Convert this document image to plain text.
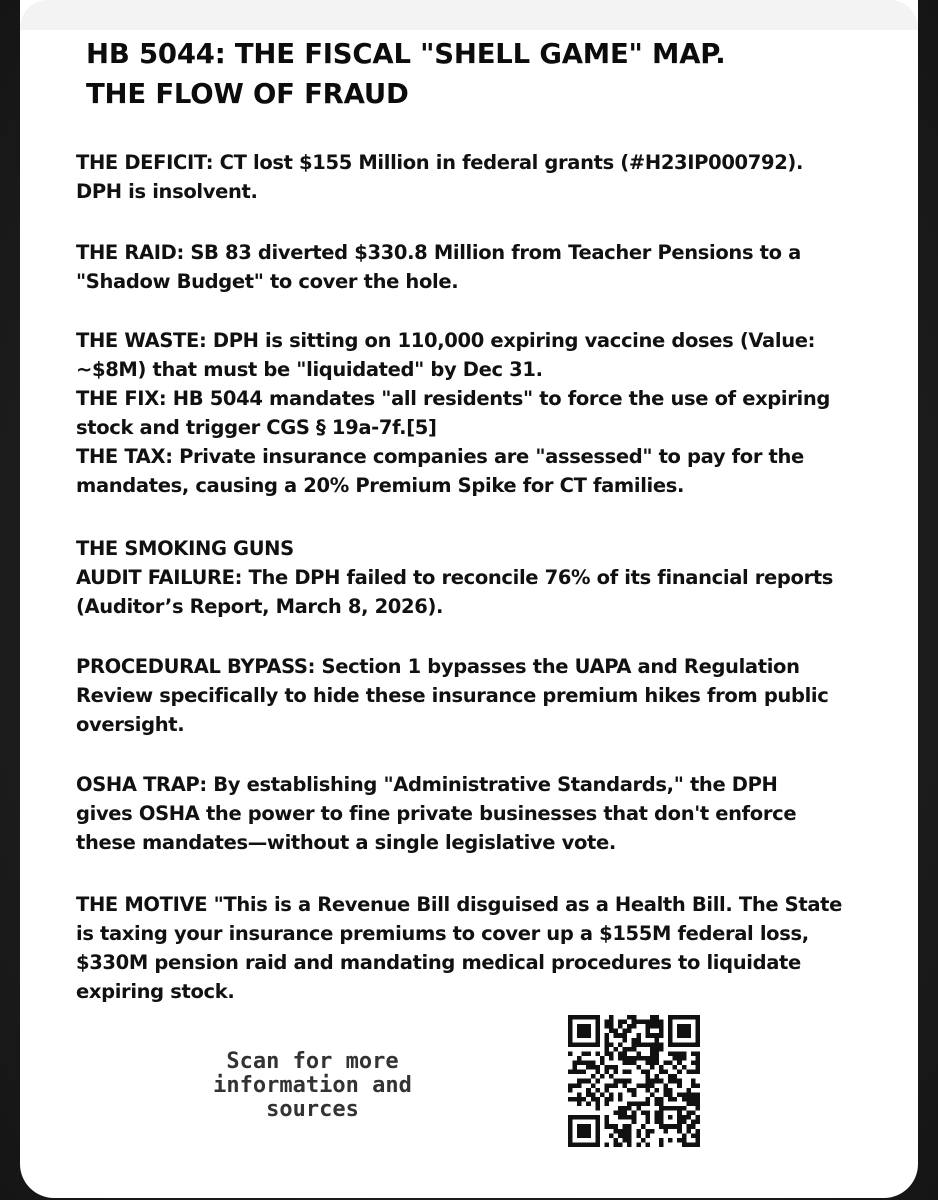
HB 5044: THE FISCAL "SHELL GAME" MAP.
THE FLOW OF FRAUD

THE DEFICIT: CT lost $155 Million in federal grants (#H23IP000792).
DPH is insolvent.

THE RAID: SB 83 diverted $330.8 Million from Teacher Pensions to a
"Shadow Budget" to cover the hole.

THE WASTE: DPH is sitting on 110,000 expiring vaccine doses (Value:
~$8M) that must be "liquidated" by Dec 31.
THE FIX: HB 5044 mandates "all residents" to force the use of expiring
stock and trigger CGS § 19a-7f.[5]
THE TAX: Private insurance companies are "assessed" to pay for the
mandates, causing a 20% Premium Spike for CT families.

THE SMOKING GUNS
AUDIT FAILURE: The DPH failed to reconcile 76% of its financial reports
(Auditor’s Report, March 8, 2026).

PROCEDURAL BYPASS: Section 1 bypasses the UAPA and Regulation
Review specifically to hide these insurance premium hikes from public
oversight.

OSHA TRAP: By establishing "Administrative Standards," the DPH
gives OSHA the power to fine private businesses that don't enforce
these mandates—without a single legislative vote.

THE MOTIVE "This is a Revenue Bill disguised as a Health Bill. The State
is taxing your insurance premiums to cover up a $155M federal loss,
$330M pension raid and mandating medical procedures to liquidate
expiring stock.

Scan for more
information and
sources
